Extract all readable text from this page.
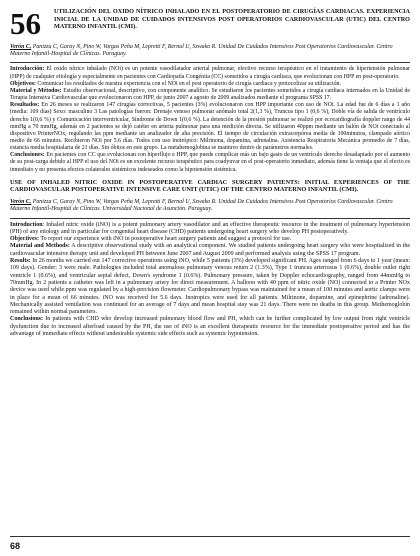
56	UTILIZACIÓN DEL OXIDO NÍTRICO INHALADO EN EL POSTOPERATORIO DE CIRUGÍAS CARDIACAS. EXPERIENCIA INICIAL DE LA UNIDAD DE CUIDADOS INTENSIVOS POST OPERATORIOS CARDIOVASCULAR (UTIC) DEL CENTRO MATERNO INFANTIL (CMI).
Verón C, Panizza C, Garay N, Pino W, Vargas Peña M, Lepretti F, Bernal U, Szwako R. Unidad De Cuidados Intensivos Post Operatorios Cardiovascular. Centro Materno Infantil-Hospital de Clínicas. Paraguay.

Introducción: El oxido nítrico inhalado (NOi) es un potente vasodilatador arterial pulmonar, efectivo recurso terapéutico en el tratamiento de hipertensión pulmonar (HPP) de cualquier etiología y especialmente en pacientes con Cardiopatía Congénita (CC) sometidos a cirugía cardiaca, que evolucionan con HPP en post-operatorio.

Objetivos: Comunicar los resultados de nuestra experiencia con el NOi en el post operatorio de cirugía cardiaca y protocolizar su utilización.

Material y Métodos: Estudio observacional, descriptivo, con componente analítico. Se estudiaron los pacientes sometidos a cirugía cardiaca internados en la Unidad de Terapia Intensiva Cardiovascular que evolucionaron con HPP, de junio 2007 a agosto de 2009 analizados mediante el programa SPSS 17.

Resultados: En 26 meses se realizaron 147 cirugías correctivas, 5 pacientes (3%) evolucionaron con HPP importante con uso de NOi. La edad fue de 6 días a 1 año (media: 109 días) Sexo: masculino 3 Las patologías fueron: Drenaje venoso pulmonar anómalo total 2(1,3 %), Truncus tipo 1 (0,6 %), Doble vía de salida de ventrículo derecho 1(0,6 %) y Comunicación interventricular, Síndrome de Down 1(0,6 %). La detención de la presión pulmonar se realizó por ecocardiografía doppler rango de 44 mmHg a 70 mmHg, además en 2 pacientes se dejó catéter en arteria pulmonar para una medición directa. Se utilizaron 40ppm mediante un balón de NOi conectado al dispositivo PrinterNOx, regulando las ppm mediante un analizador de alta precisión. El tiempo de circulación extracorpórea media de 100minutos, clampado aórtico medio de 66 minutos. Recibieron NOi por 5.6 días. Todos con uso inotrópico: Milrinona, dopamina, adrenalina. Asistencia Respiratoria Mecánica promedio de 7 días, estancia media hospitalaria de 21 días. Sin óbitos en este grupo. La metahemoglobina se mantuvo dentro de parámetros normales.

Conclusiones: En pacientes con CC que evolucionan con hiperflujo e HPP, que puede complicar más un bajo gasto de un ventrículo derecho desadaptado por el aumento de su post-carga debido al HPP el uso del NOi es un excelente recurso terapéutico para coadyuvar en el post-operatorio inmediato, además tiene la ventaja que el efecto es inmediato y no presenta efectos colaterales sistémicos indeseados como la hipotensión sistémica.

USE OF INHALED NITRIC OXIDE IN POSTOPERATIVE CARDIAC SURGERY PATIENTS: INITIAL EXPERIENCES OF THE CARDIOVASCULAR POSTOPERATIVE INTENSIVE CARE UNIT (UTIC) OF THE CENTRO MATERNO INFANTIL (CMI).
Verón C, Panizza C, Garay N, Pino W, Vargas Peña M, Lepretti F, Bernal U, Szwako R. Unidad De Cuidados Intensivos Post Operatorios Cardiovascular. Centro Materno Infantil-Hospital de Clínicas. Universidad Nacional de Asunción. Paraguay.

Introduction: Inhaled nitric oxide (iNO) is a potent pulmonary artery vasodilator and an effective therapeutic resource in the treatment of pulmonary hypertension (PH) of any etiology and in particular for congenital heart disease (CHD) patients undergoing heart surgery who develop PH postoperatively.

Objectives: To report our experience with iNO in postoperative heart surgery patients and suggest a protocol for use.

Material and Methods: A descriptive observational study with an analytical component. We studied patients undergoing heart surgery who were hospitalized in the cardiovascular intensive therapy unit and developed PH between June 2007 and August 2009 and performed analysis using the SPSS 17 program.

Results: In 26 months we carried out 147 corrective operations using iNO, while 5 patients (3%) developed significant PH. Ages ranged from 6 days to 1 year (mean: 109 days). Gender: 3 were male. Pathologies included total anomalous pulmonary venous return 2 (1.3%), Type 1 truncus arteriosus 1 (0.6%), double outlet right ventricle 1 (0.6%), and ventricular septal defect, Down's syndrome 1 (0.6%). Pulmonary pressure, taken by Doppler echocardiography, ranged from 44mmHg to 70mmHg. In 2 patients a catheter was left in a pulmonary artery for direct measurement. A balloon with 40 ppm of nitric oxide (NO) connected to a Printer NOx device was used while ppm was regulated by a high-precision flowmeter. Cardiopulmonary bypass was maintained for a mean of 100 minutes and aortic clamps were in place for a mean of 66 minutes. iNO was received for 5.6 days. Inotropics were used for all patients. Milrinone, dopamine, and epinephrine (adrenaline). Mechanically assisted ventilation was continued for an average of 7 days and mean hospital stay was 21 days. There were no deaths in this group. Methemoglobin remained within normal parameters.

Conclusions: In patients with CHD who develop increased pulmonary blood flow and PH, which can be further complicated by low output from right ventricle dysfunction due to increased afterload caused by the PH, the use of iNO is an excellent therapeutic resource for the immediate postoperative period and has the advantage of immediate effects without undesirable systemic side effects such as systemic hypotension.

68
